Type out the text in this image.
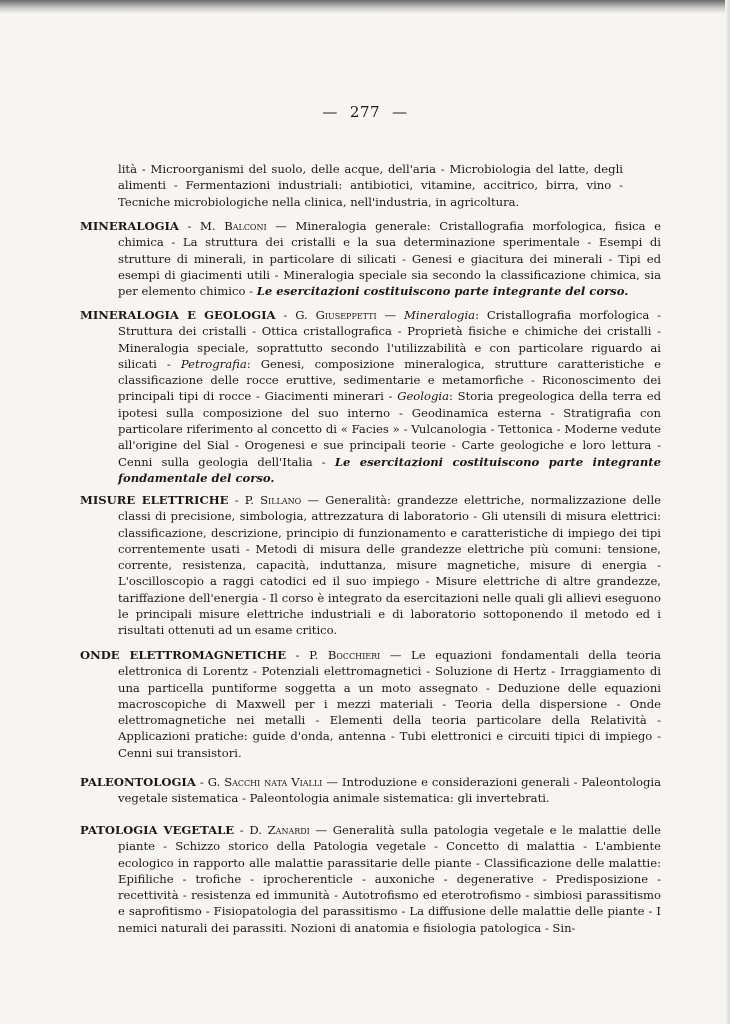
— 277 —
lità - Microorganismi del suolo, delle acque, dell'aria - Microbiologia del latte, degli alimenti - Fermentazioni industriali: antibiotici, vitamine, accitrico, birra, vino - Tecniche microbiologiche nella clinica, nell'industria, in agricoltura.
MINERALOGIA - M. Balconi — Mineralogia generale: Cristallografia morfologica, fisica e chimica - La struttura dei cristalli e la sua determinazione sperimentale - Esempi di strutture di minerali, in particolare di silicati - Genesi e giacitura dei minerali - Tipi ed esempi di giacimenti utili - Mineralogia speciale sia secondo la classificazione chimica, sia per elemento chimico - Le esercitazioni costituiscono parte integrante del corso.
MINERALOGIA E GEOLOGIA - G. Giuseppetti — Mineralogia: Cristallografia morfologica - Struttura dei cristalli - Ottica cristallografica - Proprietà fisiche e chimiche dei cristalli - Mineralogia speciale, soprattutto secondo l'utilizzabilità e con particolare riguardo ai silicati - Petrografia: Genesi, composizione mineralogica, strutture caratteristiche e classificazione delle rocce eruttive, sedimentarie e metamorfiche - Riconoscimento dei principali tipi di rocce - Giacimenti minerari - Geologia: Storia pregeologica della terra ed ipotesi sulla composizione del suo interno - Geodinamica esterna - Stratigrafia con particolare riferimento al concetto di « Facies » - Vulcanologia - Tettonica - Moderne vedute all'origine del Sial - Orogenesi e sue principali teorie - Carte geologiche e loro lettura - Cenni sulla geologia dell'Italia - Le esercitazioni costituiscono parte integrante fondamentale del corso.
MISURE ELETTRICHE - P. Sillano — Generalità: grandezze elettriche, normalizzazione delle classi di precisione, simbologia, attrezzatura di laboratorio - Gli utensili di misura elettrici: classificazione, descrizione, principio di funzionamento e caratteristiche di impiego dei tipi correntemente usati - Metodi di misura delle grandezze elettriche più comuni: tensione, corrente, resistenza, capacità, induttanza, misure magnetiche, misure di energia - L'oscilloscopio a raggi catodici ed il suo impiego - Misure elettriche di altre grandezze, tariffazione dell'energia - Il corso è integrato da esercitazioni nelle quali gli allievi eseguono le principali misure elettriche industriali e di laboratorio sottoponendo il metodo ed i risultati ottenuti ad un esame critico.
ONDE ELETTROMAGNETICHE - P. Bocchieri — Le equazioni fondamentali della teoria elettronica di Lorentz - Potenziali elettromagnetici - Soluzione di Hertz - Irraggiamento di una particella puntiforme soggetta a un moto assegnato - Deduzione delle equazioni macroscopiche di Maxwell per i mezzi materiali - Teoria della dispersione - Onde elettromagnetiche nei metalli - Elementi della teoria particolare della Relatività - Applicazioni pratiche: guide d'onda, antenna - Tubi elettronici e circuiti tipici di impiego - Cenni sui transistori.
PALEONTOLOGIA - G. Sacchi nata Vialli — Introduzione e considerazioni generali - Paleontologia vegetale sistematica - Paleontologia animale sistematica: gli invertebrati.
PATOLOGIA VEGETALE - D. Zanardi — Generalità sulla patologia vegetale e le malattie delle piante - Schizzo storico della Patologia vegetale - Concetto di malattia - L'ambiente ecologico in rapporto alle malattie parassitarie delle piante - Classificazione delle malattie: Epifiliche - trofiche - iprocherenticle - auxoniche - degenerative - Predisposizione - recettività - resistenza ed immunità - Autotrofismo ed eterotrofismo - simbiosi parassitismo e saprofitismo - Fisiopatologia del parassitismo - La diffusione delle malattie delle piante - I nemici naturali dei parassiti. Nozioni di anatomia e fisiologia patologica - Sin-
